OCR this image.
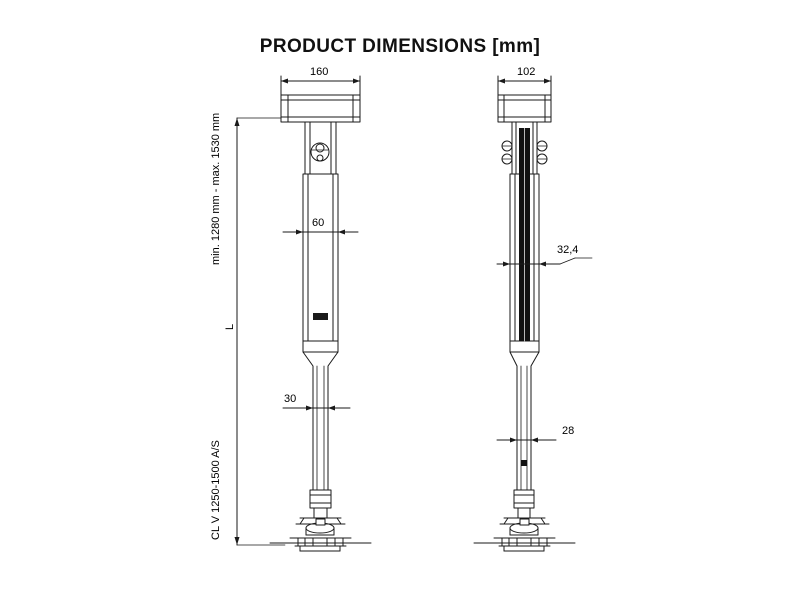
PRODUCT DIMENSIONS [mm]
160
60
30
102
32,4
28
L
min. 1280 mm - max. 1530 mm
CL V 1250-1500 A/S
